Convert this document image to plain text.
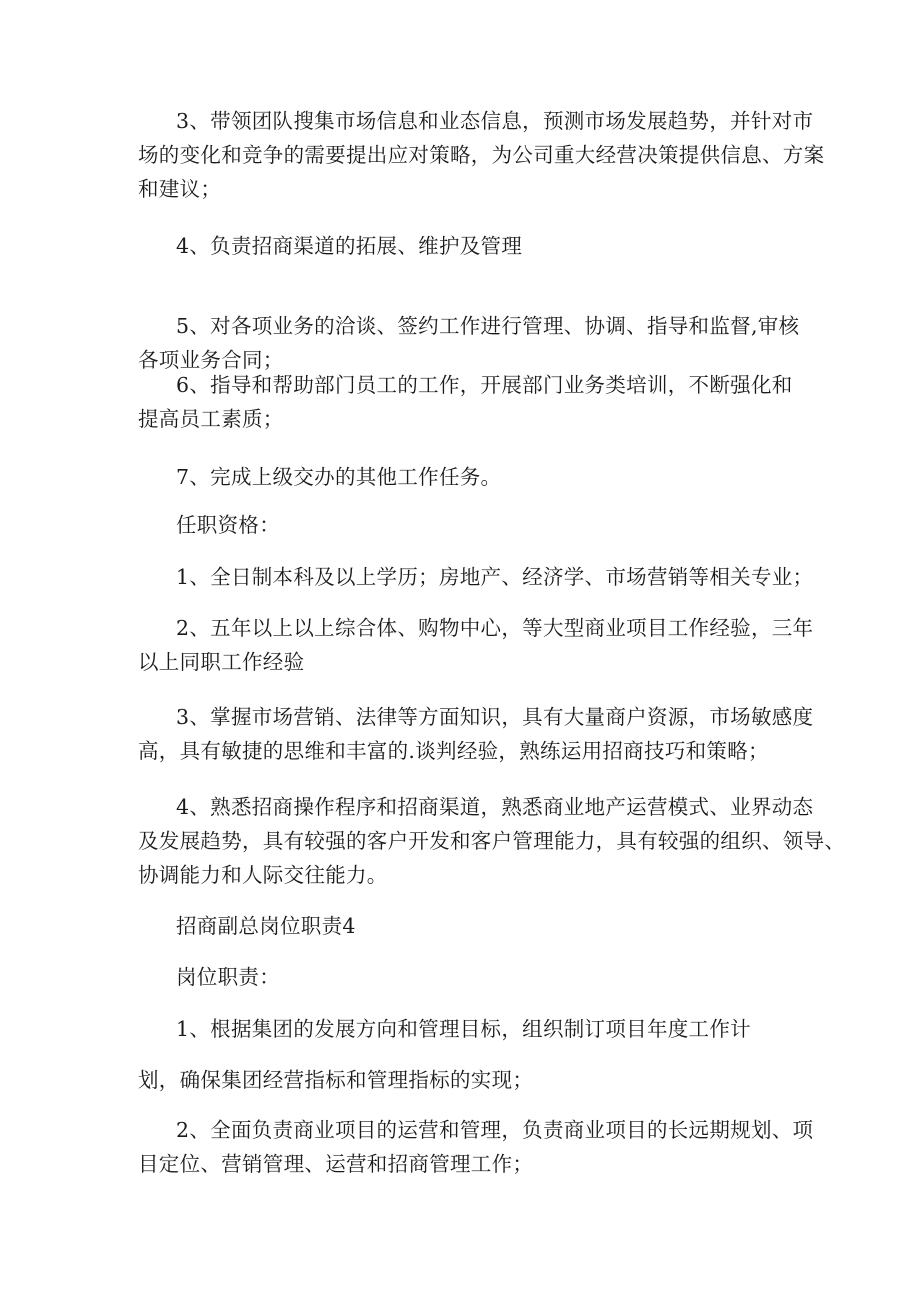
3、带领团队搜集市场信息和业态信息，预测市场发展趋势，并针对市
场的变化和竞争的需要提出应对策略，为公司重大经营决策提供信息、方案
和建议；
4、负责招商渠道的拓展、维护及管理
5、对各项业务的洽谈、签约工作进行管理、协调、指导和监督,审核
各项业务合同；
6、指导和帮助部门员工的工作，开展部门业务类培训，不断强化和
提高员工素质；
7、完成上级交办的其他工作任务。
任职资格：
1、全日制本科及以上学历；房地产、经济学、市场营销等相关专业；
2、五年以上以上综合体、购物中心，等大型商业项目工作经验，三年
以上同职工作经验
3、掌握市场营销、法律等方面知识，具有大量商户资源，市场敏感度
高，具有敏捷的思维和丰富的.谈判经验，熟练运用招商技巧和策略；
4、熟悉招商操作程序和招商渠道，熟悉商业地产运营模式、业界动态
及发展趋势，具有较强的客户开发和客户管理能力，具有较强的组织、领导、
协调能力和人际交往能力。
招商副总岗位职责4
岗位职责：
1、根据集团的发展方向和管理目标，组织制订项目年度工作计
划，确保集团经营指标和管理指标的实现；
2、全面负责商业项目的运营和管理，负责商业项目的长远期规划、项
目定位、营销管理、运营和招商管理工作；
